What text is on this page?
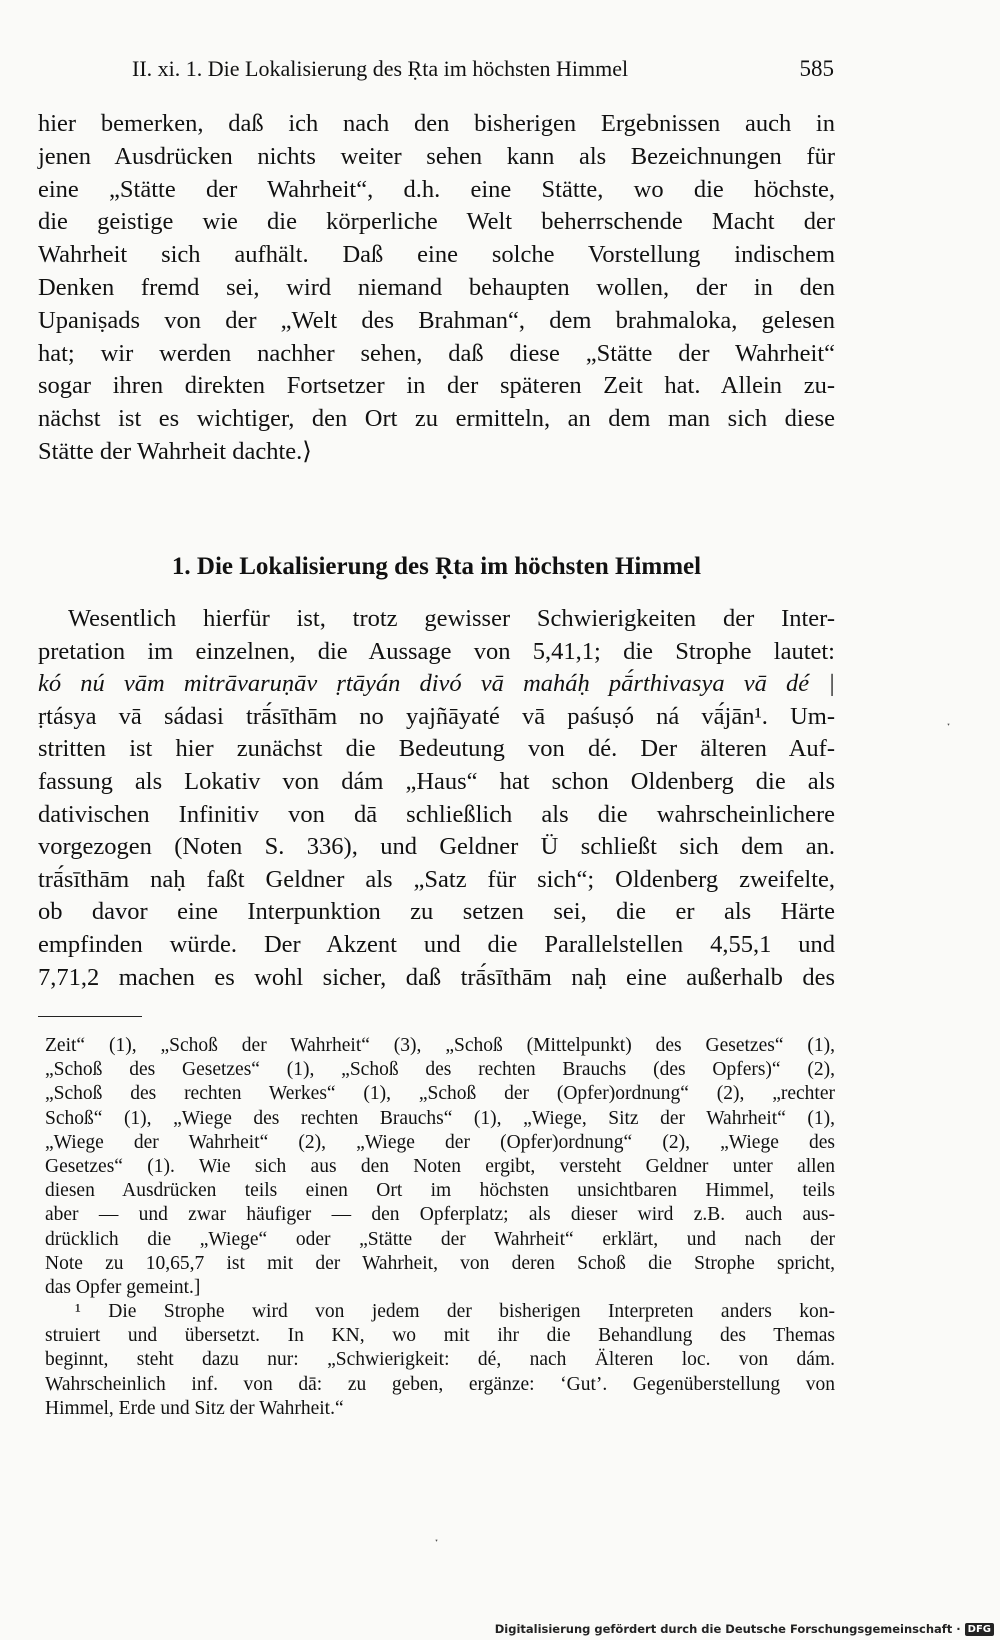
II. xi. 1. Die Lokalisierung des Ṛta im höchsten Himmel	585
hier bemerken, daß ich nach den bisherigen Ergebnissen auch in
jenen Ausdrücken nichts weiter sehen kann als Bezeichnungen für
eine „Stätte der Wahrheit“, d.h. eine Stätte, wo die höchste,
die geistige wie die körperliche Welt beherrschende Macht der
Wahrheit sich aufhält. Daß eine solche Vorstellung indischem
Denken fremd sei, wird niemand behaupten wollen, der in den
Upaniṣads von der „Welt des Brahman“, dem brahmaloka, gelesen
hat; wir werden nachher sehen, daß diese „Stätte der Wahrheit“
sogar ihren direkten Fortsetzer in der späteren Zeit hat. Allein zu-
nächst ist es wichtiger, den Ort zu ermitteln, an dem man sich diese
Stätte der Wahrheit dachte.⟩
1. Die Lokalisierung des Ṛta im höchsten Himmel
Wesentlich hierfür ist, trotz gewisser Schwierigkeiten der Inter-
pretation im einzelnen, die Aussage von 5,41,1; die Strophe lautet:
kó nú vām mitrāvaruṇāv ṛtāyán divó vā maháḥ pā́rthivasya vā dé |
ṛtásya vā sádasi trā́sīthām no yajñāyaté vā paśuṣó ná vā́jān¹. Um-
stritten ist hier zunächst die Bedeutung von dé. Der älteren Auf-
fassung als Lokativ von dám „Haus“ hat schon Oldenberg die als
dativischen Infinitiv von dā schließlich als die wahrscheinlichere
vorgezogen (Noten S. 336), und Geldner Ü schließt sich dem an.
trā́sīthām naḥ faßt Geldner als „Satz für sich“; Oldenberg zweifelte,
ob davor eine Interpunktion zu setzen sei, die er als Härte
empfinden würde. Der Akzent und die Parallelstellen 4,55,1 und
7,71,2 machen es wohl sicher, daß trā́sīthām naḥ eine außerhalb des
Zeit“ (1), „Schoß der Wahrheit“ (3), „Schoß (Mittelpunkt) des Gesetzes“ (1),
„Schoß des Gesetzes“ (1), „Schoß des rechten Brauchs (des Opfers)“ (2),
„Schoß des rechten Werkes“ (1), „Schoß der (Opfer)ordnung“ (2), „rechter
Schoß“ (1), „Wiege des rechten Brauchs“ (1), „Wiege, Sitz der Wahrheit“ (1),
„Wiege der Wahrheit“ (2), „Wiege der (Opfer)ordnung“ (2), „Wiege des
Gesetzes“ (1). Wie sich aus den Noten ergibt, versteht Geldner unter allen
diesen Ausdrücken teils einen Ort im höchsten unsichtbaren Himmel, teils
aber — und zwar häufiger — den Opferplatz; als dieser wird z.B. auch aus-
drücklich die „Wiege“ oder „Stätte der Wahrheit“ erklärt, und nach der
Note zu 10,65,7 ist mit der Wahrheit, von deren Schoß die Strophe spricht,
das Opfer gemeint.]
¹ Die Strophe wird von jedem der bisherigen Interpreten anders kon-
struiert und übersetzt. In KN, wo mit ihr die Behandlung des Themas
beginnt, steht dazu nur: „Schwierigkeit: dé, nach Älteren loc. von dám.
Wahrscheinlich inf. von dā: zu geben, ergänze: ‘Gut’. Gegenüberstellung von
Himmel, Erde und Sitz der Wahrheit.“
ˑ
ˑ
Digitalisierung gefördert durch die Deutsche Forschungsgemeinschaft · DFG
